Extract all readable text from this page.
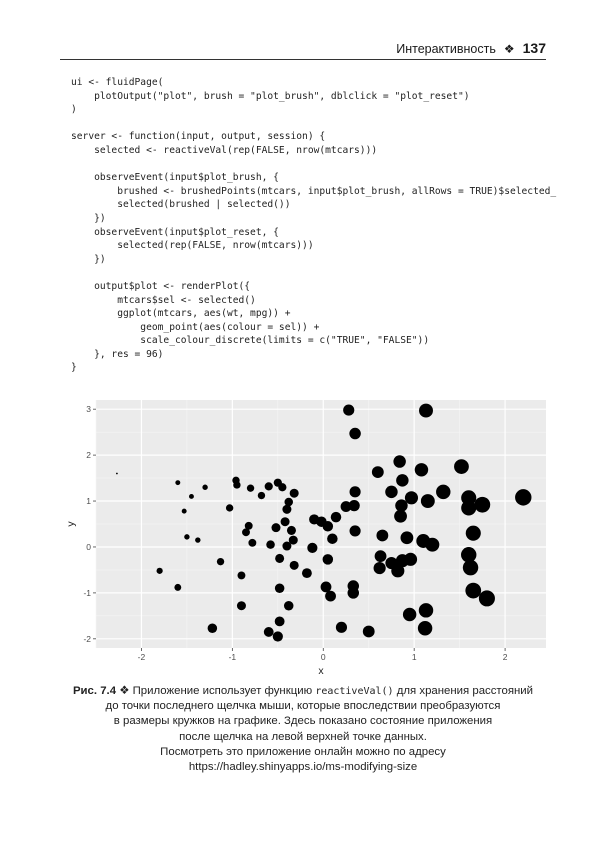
Интерактивность ❖ 137
ui <- fluidPage(
plotOutput("plot", brush = "plot_brush", dblclick = "plot_reset")
)

server <- function(input, output, session) {
selected <- reactiveVal(rep(FALSE, nrow(mtcars)))

observeEvent(input$plot_brush, {
brushed <- brushedPoints(mtcars, input$plot_brush, allRows = TRUE)$selected_
selected(brushed | selected())
})
observeEvent(input$plot_reset, {
selected(rep(FALSE, nrow(mtcars)))
})

output$plot <- renderPlot({
mtcars$sel <- selected()
ggplot(mtcars, aes(wt, mpg)) +
geom_point(aes(colour = sel)) +
scale_colour_discrete(limits = c("TRUE", "FALSE"))
}, res = 96)
}

-2	-1	0	1	2
-2
-1
0
1
2
3
x
y
Рис. 7.4 ❖ Приложение использует функцию reactiveVal() для хранения расстояний
до точки последнего щелчка мыши, которые впоследствии преобразуются
в размеры кружков на графике. Здесь показано состояние приложения
после щелчка на левой верхней точке данных.
Посмотреть это приложение онлайн можно по адресу
https://hadley.shinyapps.io/ms-modifying-size
